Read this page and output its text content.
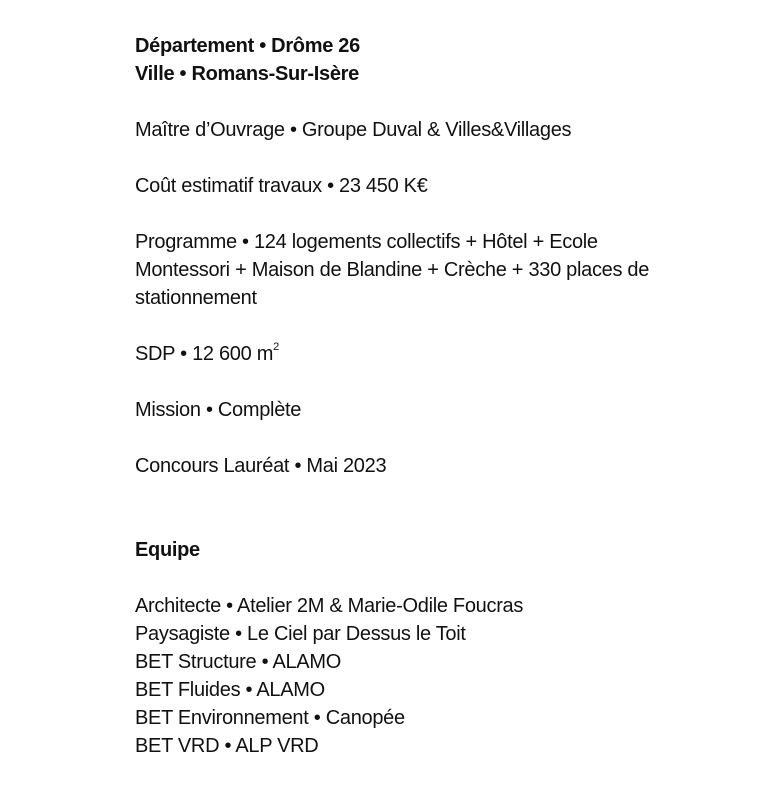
Département • Drôme 26
Ville • Romans-Sur-Isère
Maître d’Ouvrage • Groupe Duval & Villes&Villages
Coût estimatif travaux • 23 450 K€
Programme • 124 logements collectifs + Hôtel + Ecole Montessori + Maison de Blandine + Crèche + 330 places de stationnement
SDP • 12 600 $m^2$
Mission • Complète
Concours Lauréat • Mai 2023
Equipe
Architecte • Atelier 2M & Marie-Odile Foucras
Paysagiste • Le Ciel par Dessus le Toit
BET Structure • ALAMO
BET Fluides • ALAMO
BET Environnement • Canopée
BET VRD • ALP VRD
